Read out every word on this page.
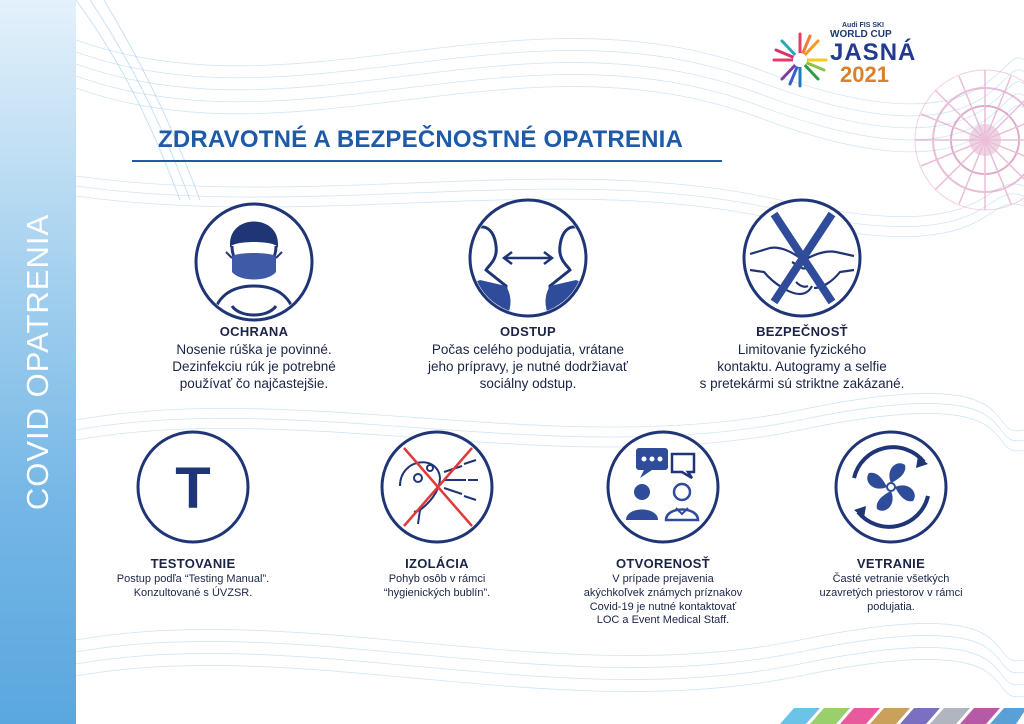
COVID OPATRENIA
Audi FIS SKI
WORLD CUP
JASNÁ
2021
ZDRAVOTNÉ A BEZPEČNOSTNÉ OPATRENIA
OCHRANA
Nosenie rúška je povinné.
Dezinfekciu rúk je potrebné
používať čo najčastejšie.
ODSTUP
Počas celého podujatia, vrátane
jeho prípravy, je nutné dodržiavať
sociálny odstup.
BEZPEČNOSŤ
Limitovanie fyzického
kontaktu. Autogramy a selfie
s pretekármi sú striktne zakázané.
T
TESTOVANIE
Postup podľa “Testing Manual”.
Konzultované s ÚVZSR.
IZOLÁCIA
Pohyb osôb v rámci
“hygienických bublín”.
OTVORENOSŤ
V prípade prejavenia
akýchkoľvek známych príznakov
Covid-19 je nutné kontaktovať
LOC a Event Medical Staff.
VETRANIE
Časté vetranie všetkých
uzavretých priestorov v rámci
podujatia.
